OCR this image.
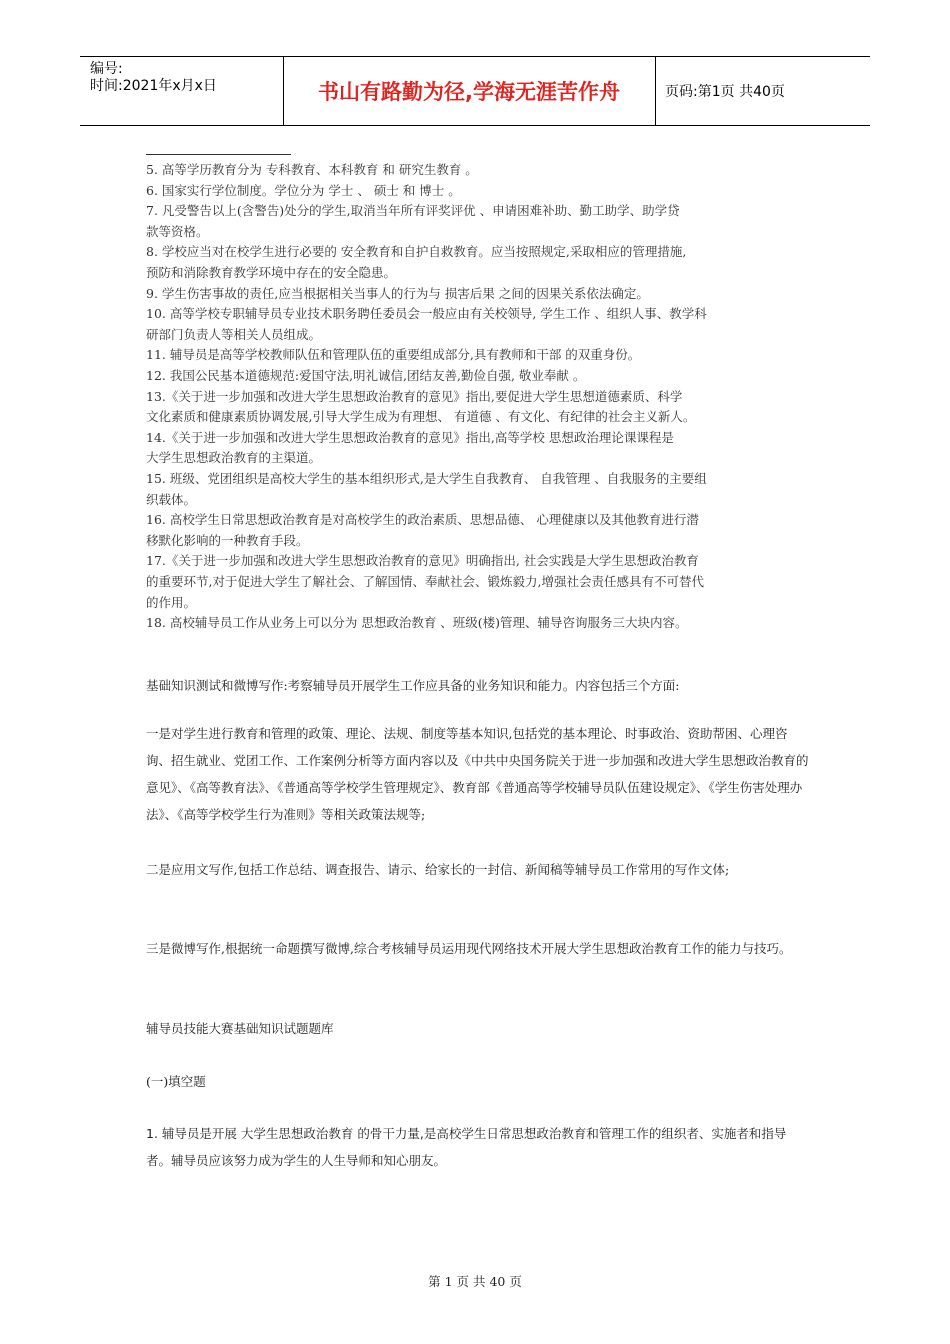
编号:
时间:2021年x月x日	书山有路勤为径,学海无涯苦作舟	页码:第1页 共40页
5. 高等学历教育分为 专科教育、本科教育 和 研究生教育 。
6. 国家实行学位制度。学位分为 学士 、 硕士 和 博士 。
7. 凡受警告以上(含警告)处分的学生,取消当年所有评奖评优 、申请困难补助、勤工助学、助学贷
款等资格。
8. 学校应当对在校学生进行必要的 安全教育和自护自救教育。应当按照规定,采取相应的管理措施,
预防和消除教育教学环境中存在的安全隐患。
9. 学生伤害事故的责任,应当根据相关当事人的行为与 损害后果 之间的因果关系依法确定。
10. 高等学校专职辅导员专业技术职务聘任委员会一般应由有关校领导, 学生工作 、组织人事、教学科
研部门负责人等相关人员组成。
11. 辅导员是高等学校教师队伍和管理队伍的重要组成部分,具有教师和干部 的双重身份。
12. 我国公民基本道德规范:爱国守法,明礼诚信,团结友善,勤俭自强, 敬业奉献 。
13.《关于进一步加强和改进大学生思想政治教育的意见》指出,要促进大学生思想道德素质、科学
文化素质和健康素质协调发展,引导大学生成为有理想、 有道德 、有文化、有纪律的社会主义新人。
14.《关于进一步加强和改进大学生思想政治教育的意见》指出,高等学校 思想政治理论课课程是
大学生思想政治教育的主渠道。
15. 班级、党团组织是高校大学生的基本组织形式,是大学生自我教育、 自我管理 、自我服务的主要组
织载体。
16. 高校学生日常思想政治教育是对高校学生的政治素质、思想品德、 心理健康以及其他教育进行潜
移默化影响的一种教育手段。
17.《关于进一步加强和改进大学生思想政治教育的意见》明确指出, 社会实践是大学生思想政治教育
的重要环节,对于促进大学生了解社会、了解国情、奉献社会、锻炼毅力,增强社会责任感具有不可替代
的作用。
18. 高校辅导员工作从业务上可以分为 思想政治教育 、班级(楼)管理、辅导咨询服务三大块内容。
基础知识测试和微博写作:考察辅导员开展学生工作应具备的业务知识和能力。内容包括三个方面:
一是对学生进行教育和管理的政策、理论、法规、制度等基本知识,包括党的基本理论、时事政治、资助帮困、心理咨询、招生就业、党团工作、工作案例分析等方面内容以及《中共中央国务院关于进一步加强和改进大学生思想政治教育的意见》、《高等教育法》、《普通高等学校学生管理规定》、教育部《普通高等学校辅导员队伍建设规定》、《学生伤害处理办法》、《高等学校学生行为准则》等相关政策法规等;
二是应用文写作,包括工作总结、调查报告、请示、给家长的一封信、新闻稿等辅导员工作常用的写作文体;
三是微博写作,根据统一命题撰写微博,综合考核辅导员运用现代网络技术开展大学生思想政治教育工作的能力与技巧。
辅导员技能大赛基础知识试题题库
(一)填空题
1. 辅导员是开展 大学生思想政治教育 的骨干力量,是高校学生日常思想政治教育和管理工作的组织者、实施者和指导者。辅导员应该努力成为学生的人生导师和知心朋友。
第 1 页 共 40 页
